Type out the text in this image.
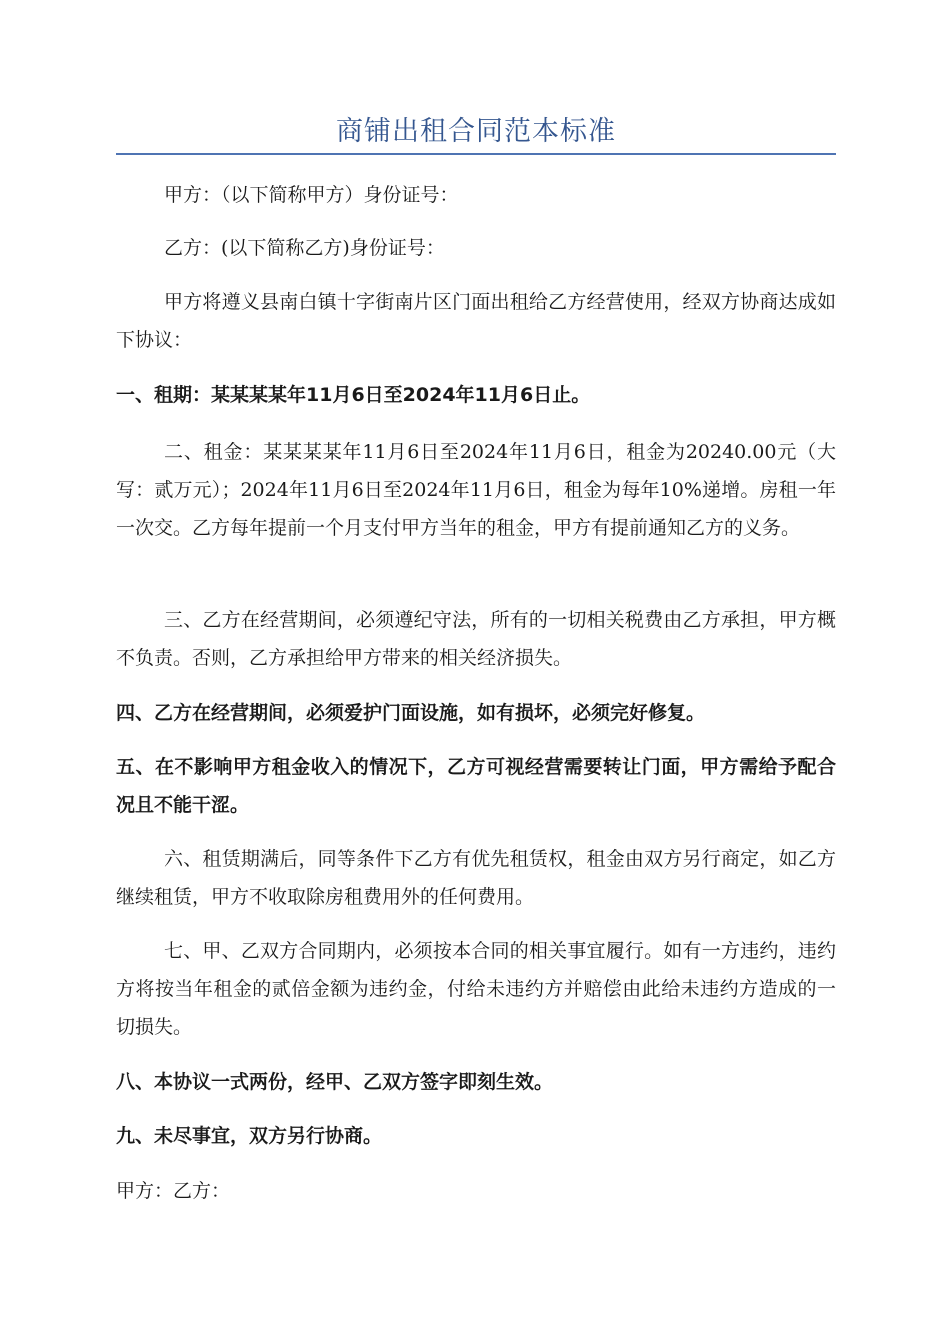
商铺出租合同范本标准

甲方：（以下简称甲方）身份证号：

乙方：(以下简称乙方)身份证号：

甲方将遵义县南白镇十字街南片区门面出租给乙方经营使用，经双方协商达成如下协议：

一、租期：某某某某年11月6日至2024年11月6日止。

二、租金：某某某某年11月6日至2024年11月6日，租金为20240.00元（大写：贰万元）；2024年11月6日至2024年11月6日，租金为每年10%递增。房租一年一次交。乙方每年提前一个月支付甲方当年的租金，甲方有提前通知乙方的义务。

三、乙方在经营期间，必须遵纪守法，所有的一切相关税费由乙方承担，甲方概不负责。否则，乙方承担给甲方带来的相关经济损失。

四、乙方在经营期间，必须爱护门面设施，如有损坏，必须完好修复。

五、在不影响甲方租金收入的情况下，乙方可视经营需要转让门面，甲方需给予配合况且不能干涩。

六、租赁期满后，同等条件下乙方有优先租赁权，租金由双方另行商定，如乙方继续租赁，甲方不收取除房租费用外的任何费用。

七、甲、乙双方合同期内，必须按本合同的相关事宜履行。如有一方违约，违约方将按当年租金的贰倍金额为违约金，付给未违约方并赔偿由此给未违约方造成的一切损失。

八、本协议一式两份，经甲、乙双方签字即刻生效。

九、未尽事宜，双方另行协商。

甲方：乙方：
